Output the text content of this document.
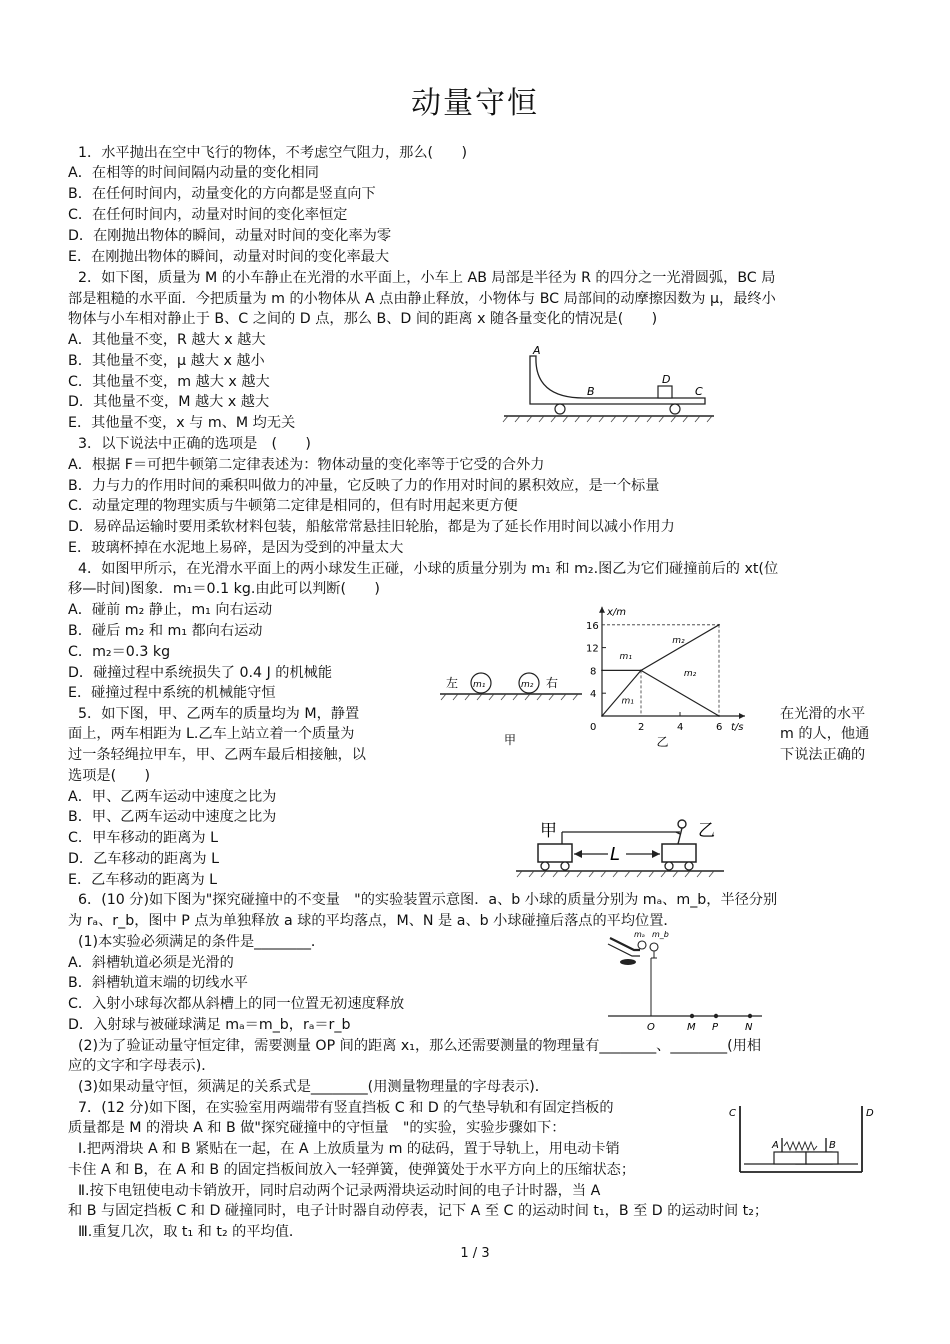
动量守恒
1．水平抛出在空中飞行的物体，不考虑空气阻力，那么(　　)
A．在相等的时间间隔内动量的变化相同
B．在任何时间内，动量变化的方向都是竖直向下
C．在任何时间内，动量对时间的变化率恒定
D．在刚抛出物体的瞬间，动量对时间的变化率为零
E．在刚抛出物体的瞬间，动量对时间的变化率最大
2．如下图，质量为 M 的小车静止在光滑的水平面上，小车上 AB 局部是半径为 R 的四分之一光滑圆弧，BC 局
部是粗糙的水平面．今把质量为 m 的小物体从 A 点由静止释放，小物体与 BC 局部间的动摩擦因数为 μ，最终小
物体与小车相对静止于 B、C 之间的 D 点，那么 B、D 间的距离 x 随各量变化的情况是(　　)
A．其他量不变，R 越大 x 越大
B．其他量不变，μ 越大 x 越小
C．其他量不变，m 越大 x 越大
D．其他量不变，M 越大 x 越大
E．其他量不变，x 与 m、M 均无关
A
B
D
C
3．以下说法中正确的选项是　(　　)
A．根据 F＝可把牛顿第二定律表述为：物体动量的变化率等于它受的合外力
B．力与力的作用时间的乘积叫做力的冲量，它反映了力的作用对时间的累积效应，是一个标量
C．动量定理的物理实质与牛顿第二定律是相同的，但有时用起来更方便
D．易碎品运输时要用柔软材料包装，船舷常常悬挂旧轮胎，都是为了延长作用时间以减小作用力
E．玻璃杯掉在水泥地上易碎，是因为受到的冲量太大
4．如图甲所示，在光滑水平面上的两小球发生正碰，小球的质量分别为 m₁ 和 m₂.图乙为它们碰撞前后的 xt(位
移—时间)图象．m₁＝0.1 kg.由此可以判断(　　)
A．碰前 m₂ 静止，m₁ 向右运动
B．碰后 m₂ 和 m₁ 都向右运动
C．m₂＝0.3 kg
D．碰撞过程中系统损失了 0.4 J 的机械能
E．碰撞过程中系统的机械能守恒
左 m₁	m₂ 右
甲
x/m
t/s
4
8
12
16
0	2	4	6
m₁
m₁
m₂
m₂
乙
5．如下图，甲、乙两车的质量均为 M，静置
面上，两车相距为 L.乙车上站立着一个质量为
过一条轻绳拉甲车，甲、乙两车最后相接触，以
选项是(　　)
在光滑的水平
m 的人，他通
下说法正确的
A．甲、乙两车运动中速度之比为
B．甲、乙两车运动中速度之比为
C．甲车移动的距离为 L
D．乙车移动的距离为 L
E．乙车移动的距离为 L
甲	乙
L
6．(10 分)如下图为"探究碰撞中的不变量　"的实验装置示意图．a、b 小球的质量分别为 mₐ、m_b，半径分别
为 rₐ、r_b，图中 P 点为单独释放 a 球的平均落点，M、N 是 a、b 小球碰撞后落点的平均位置．
(1)本实验必须满足的条件是________．
A．斜槽轨道必须是光滑的
B．斜槽轨道末端的切线水平
C．入射小球每次都从斜槽上的同一位置无初速度释放
D．入射球与被碰球满足 mₐ＝m_b，rₐ＝r_b
(2)为了验证动量守恒定律，需要测量 OP 间的距离 x₁，那么还需要测量的物理量有________、________(用相
应的文字和字母表示)．
(3)如果动量守恒，须满足的关系式是________(用测量物理量的字母表示)．
mₐ m_b
O	M P	N
7．(12 分)如下图，在实验室用两端带有竖直挡板 C 和 D 的气垫导轨和有固定挡板的
质量都是 M 的滑块 A 和 B 做"探究碰撞中的守恒量　"的实验，实验步骤如下：
Ⅰ.把两滑块 A 和 B 紧贴在一起，在 A 上放质量为 m 的砝码，置于导轨上，用电动卡销
卡住 A 和 B，在 A 和 B 的固定挡板间放入一轻弹簧，使弹簧处于水平方向上的压缩状态；
Ⅱ.按下电钮使电动卡销放开，同时启动两个记录两滑块运动时间的电子计时器，当 A
和 B 与固定挡板 C 和 D 碰撞同时，电子计时器自动停表，记下 A 至 C 的运动时间 t₁，B 至 D 的运动时间 t₂；
Ⅲ.重复几次，取 t₁ 和 t₂ 的平均值．
C	D
A	B
1 / 3
